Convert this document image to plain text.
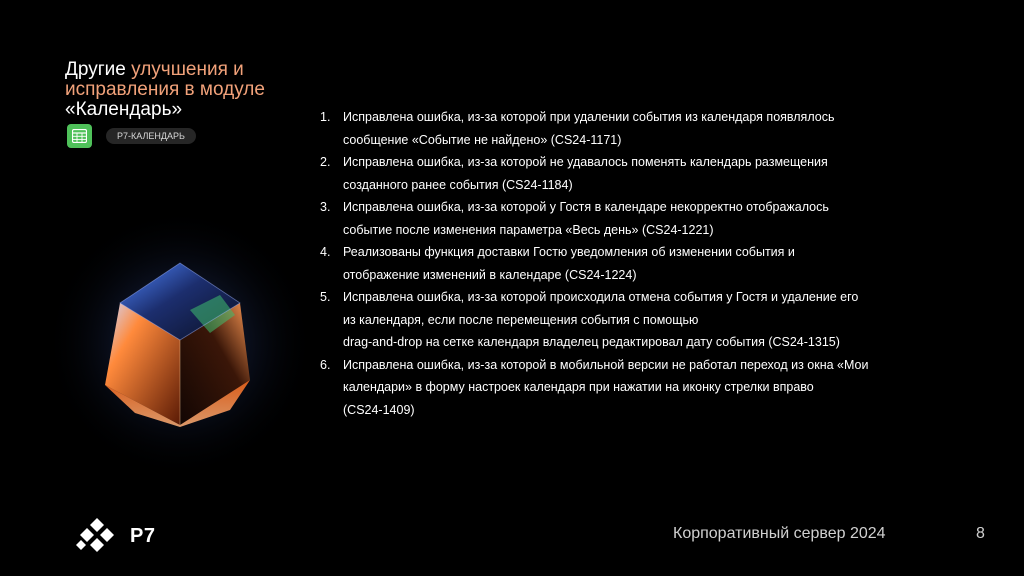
Другие улучшения и
исправления в модуле
«Календарь»
Р7-КАЛЕНДАРЬ
1.	Исправлена ошибка, из-за которой при удалении события из календаря появлялось
сообщение «Событие не найдено» (CS24-1171)
2.	Исправлена ошибка, из-за которой не удавалось поменять календарь размещения
созданного ранее события (CS24-1184)
3.	Исправлена ошибка, из-за которой у Гостя в календаре некорректно отображалось
событие после изменения параметра «Весь день» (CS24-1221)
4.	Реализованы функция доставки Гостю уведомления об изменении события и
отображение изменений в календаре (CS24-1224)
5.	Исправлена ошибка, из-за которой происходила отмена события у Гостя и удаление его
из календаря, если после перемещения события с помощью
drag-and-drop на сетке календаря владелец редактировал дату события (CS24-1315)
6.	Исправлена ошибка, из-за которой в мобильной версии не работал переход из окна «Мои
календари» в форму настроек календаря при нажатии на иконку стрелки вправо
(CS24-1409)
Р7	Корпоративный сервер 2024	8
